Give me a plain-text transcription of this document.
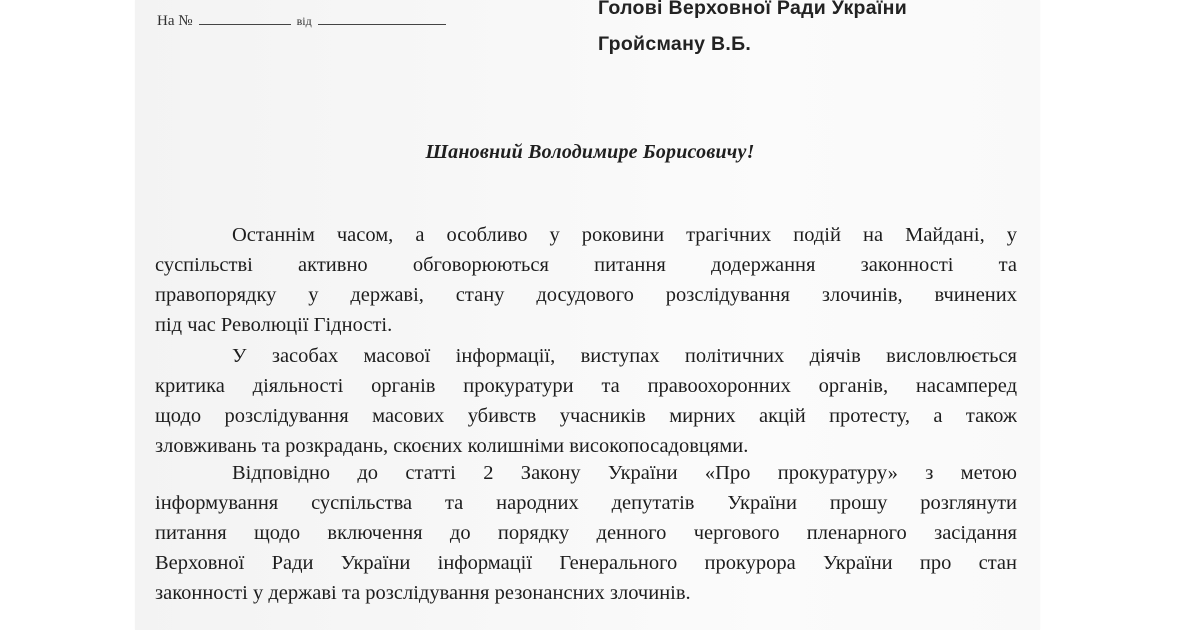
На №	від
Голові Верховної Ради України
Гройсману В.Б.
Шановний Володимире Борисовичу!
Останнім часом, а особливо у роковини трагічних подій на Майдані, у
суспільстві активно обговорюються питання додержання законності та
правопорядку у державі, стану досудового розслідування злочинів, вчинених
під час Революції Гідності.
У засобах масової інформації, виступах політичних діячів висловлюється
критика діяльності органів прокуратури та правоохоронних органів, насамперед
щодо розслідування масових убивств учасників мирних акцій протесту, а також
зловживань та розкрадань, скоєних колишніми високопосадовцями.
Відповідно до статті 2 Закону України «Про прокуратуру» з метою
інформування суспільства та народних депутатів України прошу розглянути
питання щодо включення до порядку денного чергового пленарного засідання
Верховної Ради України інформації Генерального прокурора України про стан
законності у державі та розслідування резонансних злочинів.
